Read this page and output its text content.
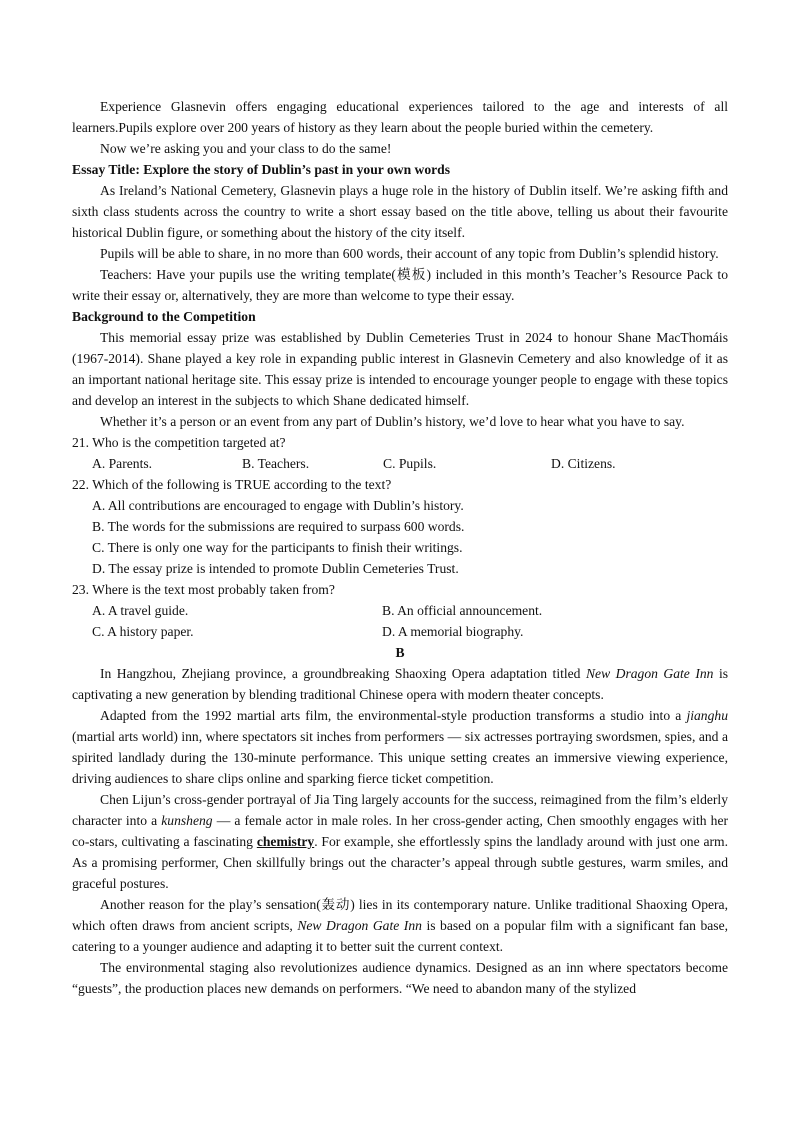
Experience Glasnevin offers engaging educational experiences tailored to the age and interests of all learners.Pupils explore over 200 years of history as they learn about the people buried within the cemetery.

Now we’re asking you and your class to do the same!

Essay Title: Explore the story of Dublin’s past in your own words

As Ireland’s National Cemetery, Glasnevin plays a huge role in the history of Dublin itself. We’re asking fifth and sixth class students across the country to write a short essay based on the title above, telling us about their favourite historical Dublin figure, or something about the history of the city itself.

Pupils will be able to share, in no more than 600 words, their account of any topic from Dublin’s splendid history.

Teachers: Have your pupils use the writing template(模板) included in this month’s Teacher’s Resource Pack to write their essay or, alternatively, they are more than welcome to type their essay.

Background to the Competition

This memorial essay prize was established by Dublin Cemeteries Trust in 2024 to honour Shane MacThomáis (1967-2014). Shane played a key role in expanding public interest in Glasnevin Cemetery and also knowledge of it as an important national heritage site. This essay prize is intended to encourage younger people to engage with these topics and develop an interest in the subjects to which Shane dedicated himself.

Whether it’s a person or an event from any part of Dublin’s history, we’d love to hear what you have to say.

21. Who is the competition targeted at?

A. Parents.	B. Teachers.	C. Pupils.	D. Citizens.

22. Which of the following is TRUE according to the text?

A. All contributions are encouraged to engage with Dublin’s history.
B. The words for the submissions are required to surpass 600 words.
C. There is only one way for the participants to finish their writings.
D. The essay prize is intended to promote Dublin Cemeteries Trust.

23. Where is the text most probably taken from?

A. A travel guide.	B. An official announcement.
C. A history paper.	D. A memorial biography.

B

In Hangzhou, Zhejiang province, a groundbreaking Shaoxing Opera adaptation titled New Dragon Gate Inn is captivating a new generation by blending traditional Chinese opera with modern theater concepts.

Adapted from the 1992 martial arts film, the environmental-style production transforms a studio into a jianghu (martial arts world) inn, where spectators sit inches from performers — six actresses portraying swordsmen, spies, and a spirited landlady during the 130-minute performance. This unique setting creates an immersive viewing experience, driving audiences to share clips online and sparking fierce ticket competition.

Chen Lijun’s cross-gender portrayal of Jia Ting largely accounts for the success, reimagined from the film’s elderly character into a kunsheng — a female actor in male roles. In her cross-gender acting, Chen smoothly engages with her co-stars, cultivating a fascinating chemistry. For example, she effortlessly spins the landlady around with just one arm. As a promising performer, Chen skillfully brings out the character’s appeal through subtle gestures, warm smiles, and graceful postures.

Another reason for the play’s sensation(轰动) lies in its contemporary nature. Unlike traditional Shaoxing Opera, which often draws from ancient scripts, New Dragon Gate Inn is based on a popular film with a significant fan base, catering to a younger audience and adapting it to better suit the current context.

The environmental staging also revolutionizes audience dynamics. Designed as an inn where spectators become “guests”, the production places new demands on performers. “We need to abandon many of the stylized
